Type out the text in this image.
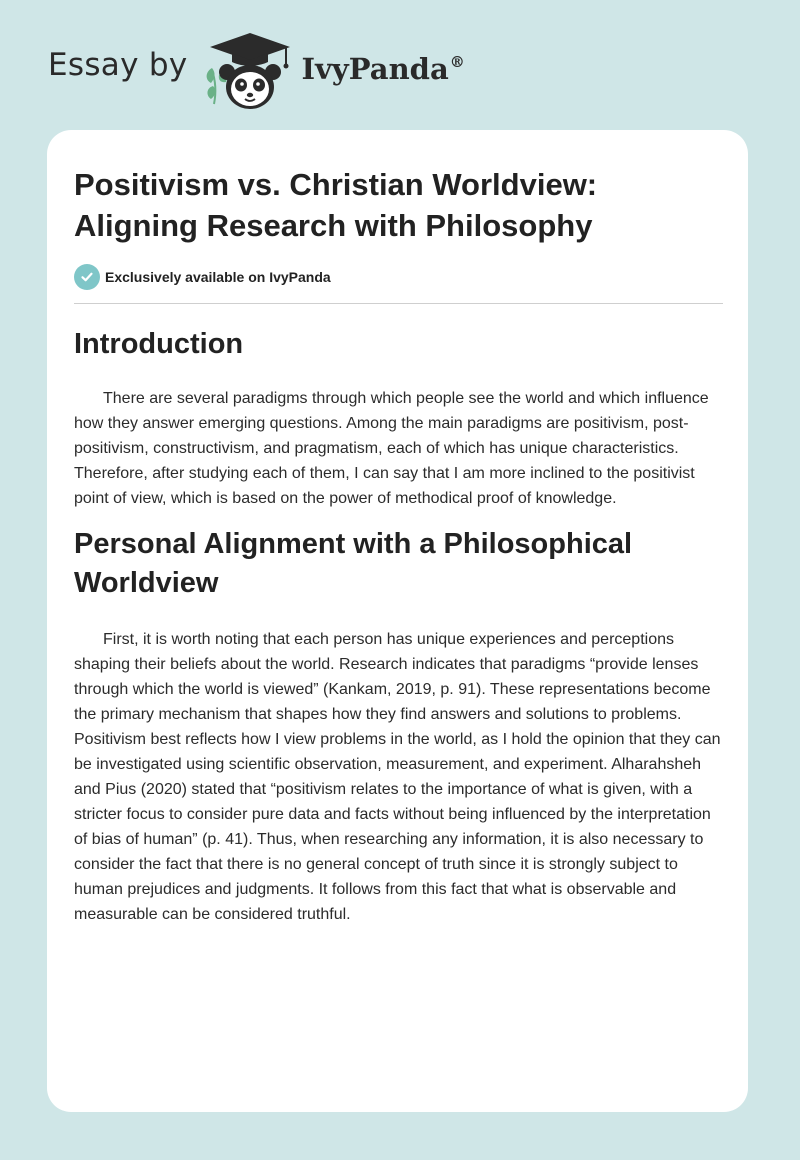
Essay by	IvyPanda®
Positivism vs. Christian Worldview: Aligning Research with Philosophy
Exclusively available on IvyPanda
Introduction

There are several paradigms through which people see the world and which influence how they answer emerging questions. Among the main paradigms are positivism, post-positivism, constructivism, and pragmatism, each of which has unique characteristics. Therefore, after studying each of them, I can say that I am more inclined to the positivist point of view, which is based on the power of methodical proof of knowledge.

Personal Alignment with a Philosophical Worldview

First, it is worth noting that each person has unique experiences and perceptions shaping their beliefs about the world. Research indicates that paradigms “provide lenses through which the world is viewed” (Kankam, 2019, p. 91). These representations become the primary mechanism that shapes how they find answers and solutions to problems. Positivism best reflects how I view problems in the world, as I hold the opinion that they can be investigated using scientific observation, measurement, and experiment. Alharahsheh and Pius (2020) stated that “positivism relates to the importance of what is given, with a stricter focus to consider pure data and facts without being influenced by the interpretation of bias of human” (p. 41). Thus, when researching any information, it is also necessary to consider the fact that there is no general concept of truth since it is strongly subject to human prejudices and judgments. It follows from this fact that what is observable and measurable can be considered truthful.
